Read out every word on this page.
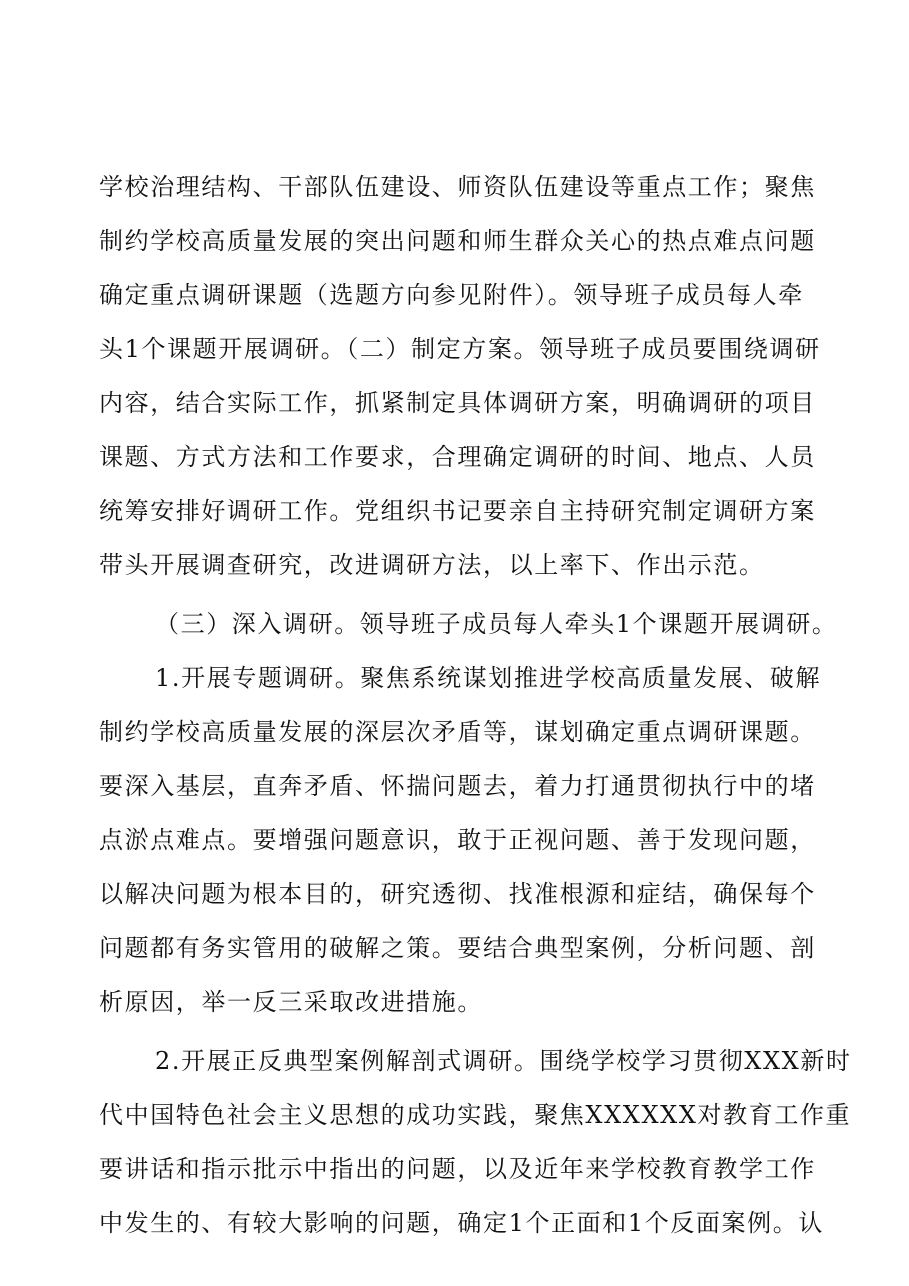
学校治理结构、干部队伍建设、师资队伍建设等重点工作；聚焦
制约学校高质量发展的突出问题和师生群众关心的热点难点问题
确定重点调研课题（选题方向参见附件）。领导班子成员每人牵
头1个课题开展调研。（二）制定方案。领导班子成员要围绕调研
内容，结合实际工作，抓紧制定具体调研方案，明确调研的项目
课题、方式方法和工作要求，合理确定调研的时间、地点、人员
统筹安排好调研工作。党组织书记要亲自主持研究制定调研方案
带头开展调查研究，改进调研方法，以上率下、作出示范。
（三）深入调研。领导班子成员每人牵头1个课题开展调研。
1.开展专题调研。聚焦系统谋划推进学校高质量发展、破解
制约学校高质量发展的深层次矛盾等，谋划确定重点调研课题。
要深入基层，直奔矛盾、怀揣问题去，着力打通贯彻执行中的堵
点淤点难点。要增强问题意识，敢于正视问题、善于发现问题，
以解决问题为根本目的，研究透彻、找准根源和症结，确保每个
问题都有务实管用的破解之策。要结合典型案例，分析问题、剖
析原因，举一反三采取改进措施。
2.开展正反典型案例解剖式调研。围绕学校学习贯彻XXX新时
代中国特色社会主义思想的成功实践，聚焦XXXXXX对教育工作重
要讲话和指示批示中指出的问题，以及近年来学校教育教学工作
中发生的、有较大影响的问题，确定1个正面和1个反面案例。认
